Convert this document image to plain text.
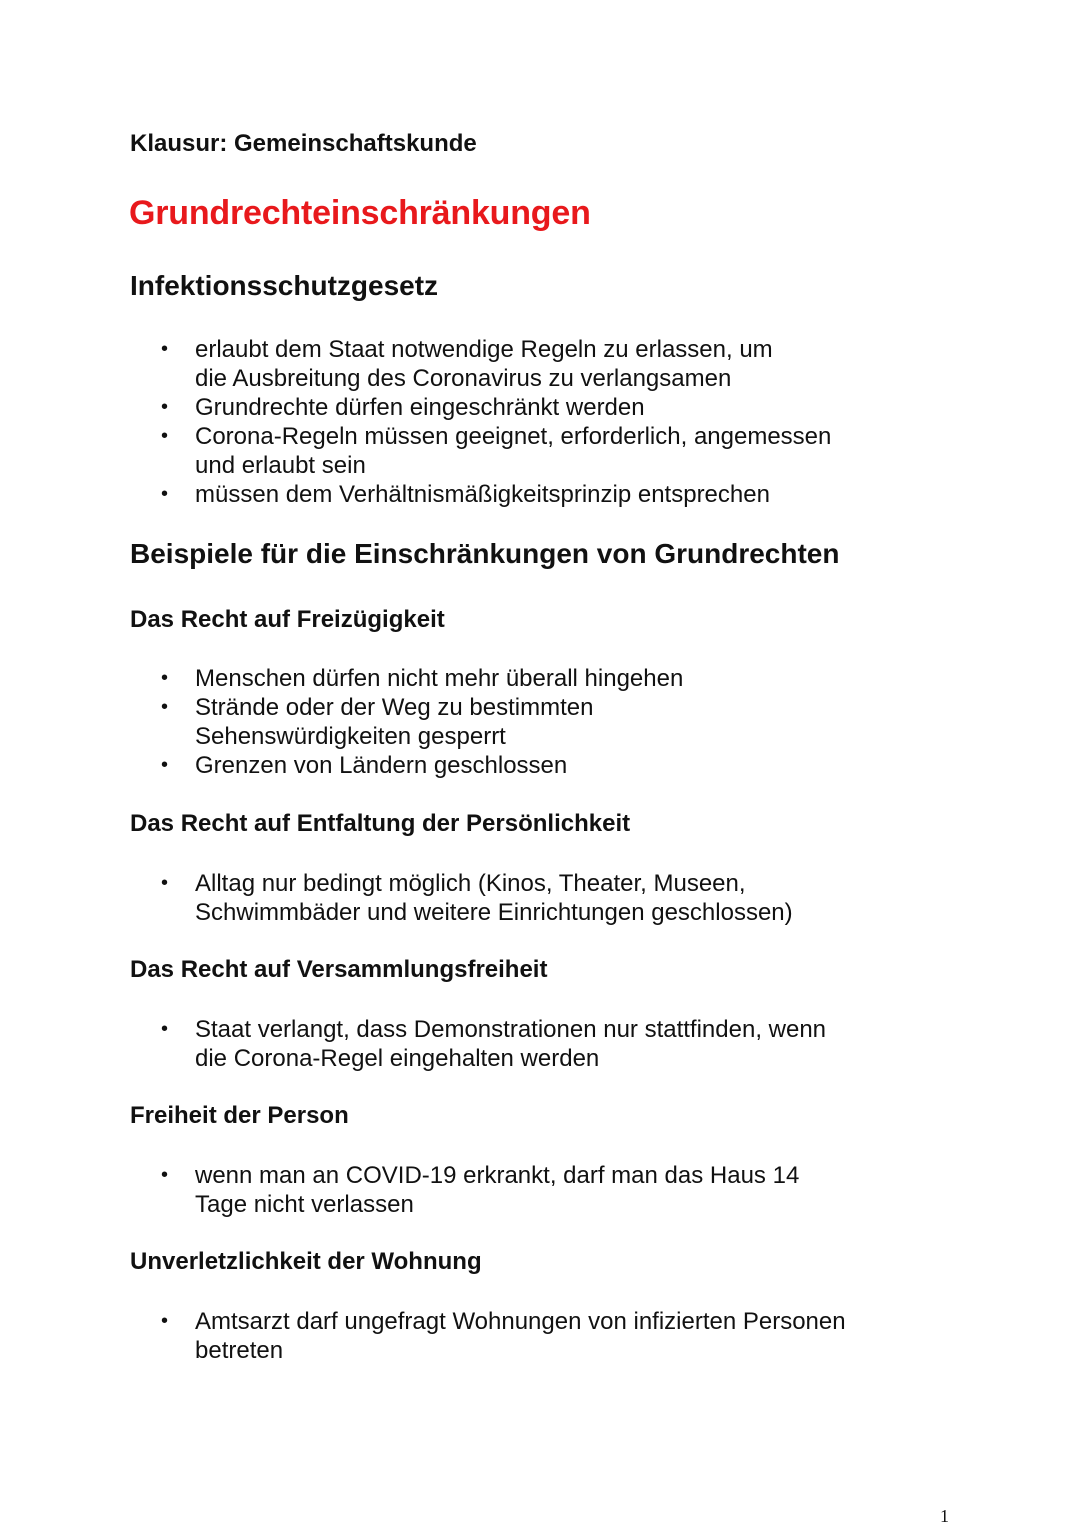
Klausur: Gemeinschaftskunde
Grundrechteinschränkungen
Infektionsschutzgesetz
• erlaubt dem Staat notwendige Regeln zu erlassen, um
die Ausbreitung des Coronavirus zu verlangsamen
• Grundrechte dürfen eingeschränkt werden
• Corona-Regeln müssen geeignet, erforderlich, angemessen
und erlaubt sein
• müssen dem Verhältnismäßigkeitsprinzip entsprechen
Beispiele für die Einschränkungen von Grundrechten
Das Recht auf Freizügigkeit
• Menschen dürfen nicht mehr überall hingehen
• Strände oder der Weg zu bestimmten
Sehenswürdigkeiten gesperrt
• Grenzen von Ländern geschlossen
Das Recht auf Entfaltung der Persönlichkeit
• Alltag nur bedingt möglich (Kinos, Theater, Museen,
Schwimmbäder und weitere Einrichtungen geschlossen)
Das Recht auf Versammlungsfreiheit
• Staat verlangt, dass Demonstrationen nur stattfinden, wenn
die Corona-Regel eingehalten werden
Freiheit der Person
• wenn man an COVID-19 erkrankt, darf man das Haus 14
Tage nicht verlassen
Unverletzlichkeit der Wohnung
• Amtsarzt darf ungefragt Wohnungen von infizierten Personen
betreten
1
